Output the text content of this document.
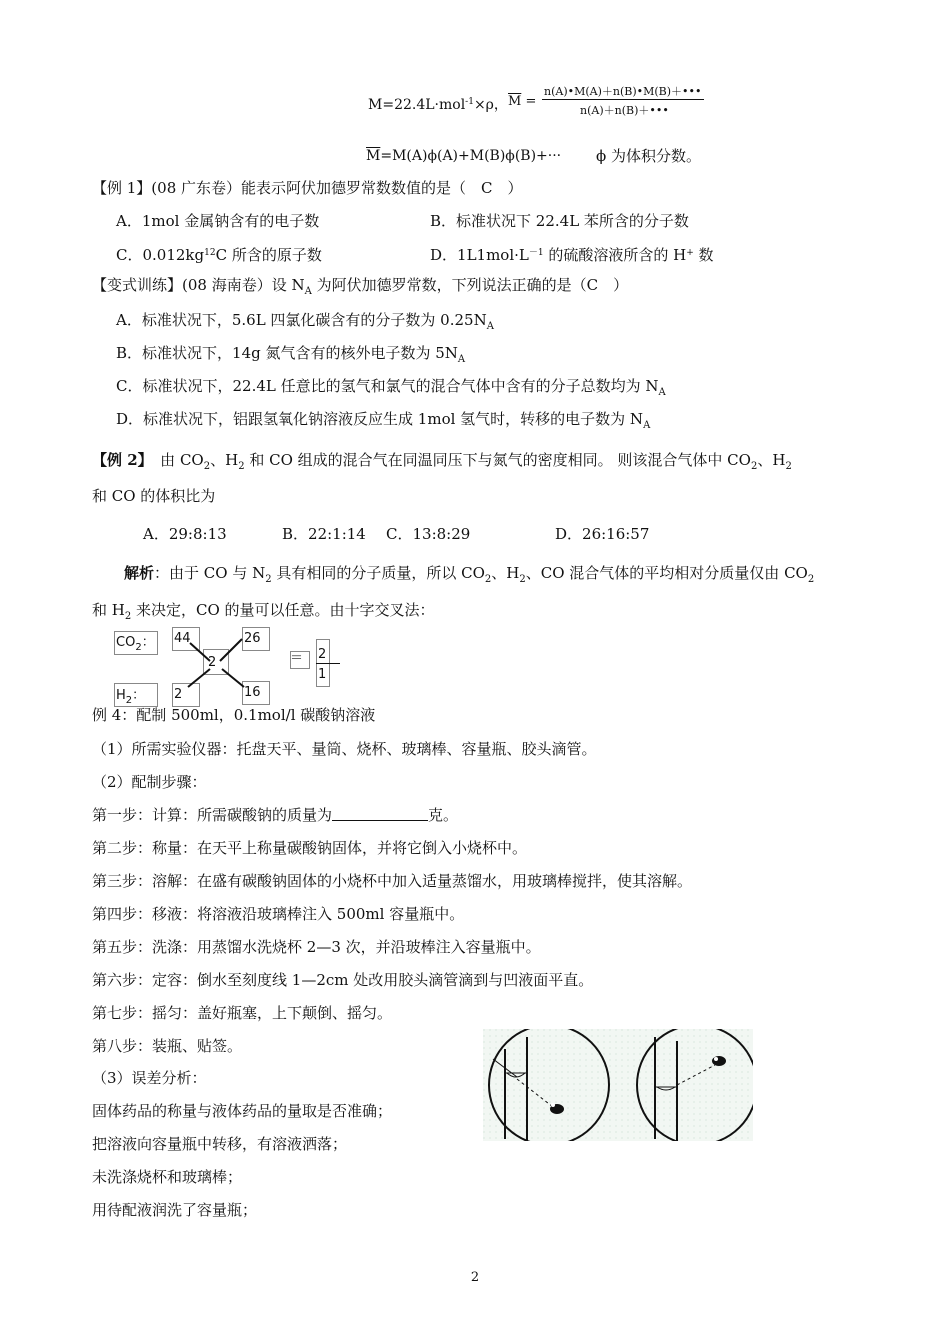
M=22.4L·mol$^{-1}$×ρ， $\overline{M}$ =
n(A)•M(A)＋n(B)•M(B)＋•••
n(A)＋n(B)＋•••
$\overline{M}=M(A)\phi(A)+M(B)\phi(B)+\cdot\cdot\cdot \phi$ 为体积分数。
【例 1】(08 广东卷）能表示阿伏加德罗常数数值的是（　C　）
A．1mol 金属钠含有的电子数	B．标准状况下 22.4L 苯所含的分子数
C．$0.012kg^{12}C$ 所含的原子数	D．$1L1mol\cdot L^{-1}$ 的硫酸溶液所含的 H+ 数
【变式训练】(08 海南卷）设 $N_A$ 为阿伏加德罗常数，下列说法正确的是（C　）
A．标准状况下，5.6L 四氯化碳含有的分子数为 $0.25N_A$
B．标准状况下，14g 氮气含有的核外电子数为 $5N_A$
C．标准状况下，22.4L 任意比的氢气和氯气的混合气体中含有的分子总数均为 $N_A$
D．标准状况下，铝跟氢氧化钠溶液反应生成 1mol 氢气时，转移的电子数为 $N_A$
【例 2】　由 $CO_2$、$H_2$ 和 CO 组成的混合气在同温同压下与氮气的密度相同。 则该混合气体中 $CO_2$、$H_2$
和 CO 的体积比为
A．29:8:13	B．22:1:14 C．13:8:29	D．26:16:57
解析：由于 CO 与 $N_2$ 具有相同的分子质量，所以 $CO_2$、$H_2$、CO 混合气体的平均相对分质量仅由 $CO_2$
和 $H_2$ 来决定，CO 的量可以任意。由十字交叉法：
$CO_2$： 44	26
2
$H_2$： 2	16
＝ 2
1
例 4：配制 500ml，0.1mol/l 碳酸钠溶液
（1）所需实验仪器：托盘天平、量筒、烧杯、玻璃棒、容量瓶、胶头滴管。
（2）配制步骤：
第一步：计算：所需碳酸钠的质量为	克。
第二步：称量：在天平上称量碳酸钠固体，并将它倒入小烧杯中。
第三步：溶解：在盛有碳酸钠固体的小烧杯中加入适量蒸馏水，用玻璃棒搅拌，使其溶解。
第四步：移液：将溶液沿玻璃棒注入 500ml 容量瓶中。
第五步：洗涤：用蒸馏水洗烧杯 2—3 次，并沿玻棒注入容量瓶中。
第六步：定容：倒水至刻度线 1—2cm 处改用胶头滴管滴到与凹液面平直。
第七步：摇匀：盖好瓶塞，上下颠倒、摇匀。
第八步：装瓶、贴签。
（3）误差分析：
固体药品的称量与液体药品的量取是否准确；
把溶液向容量瓶中转移，有溶液洒落；
未洗涤烧杯和玻璃棒；
用待配液润洗了容量瓶；
2
